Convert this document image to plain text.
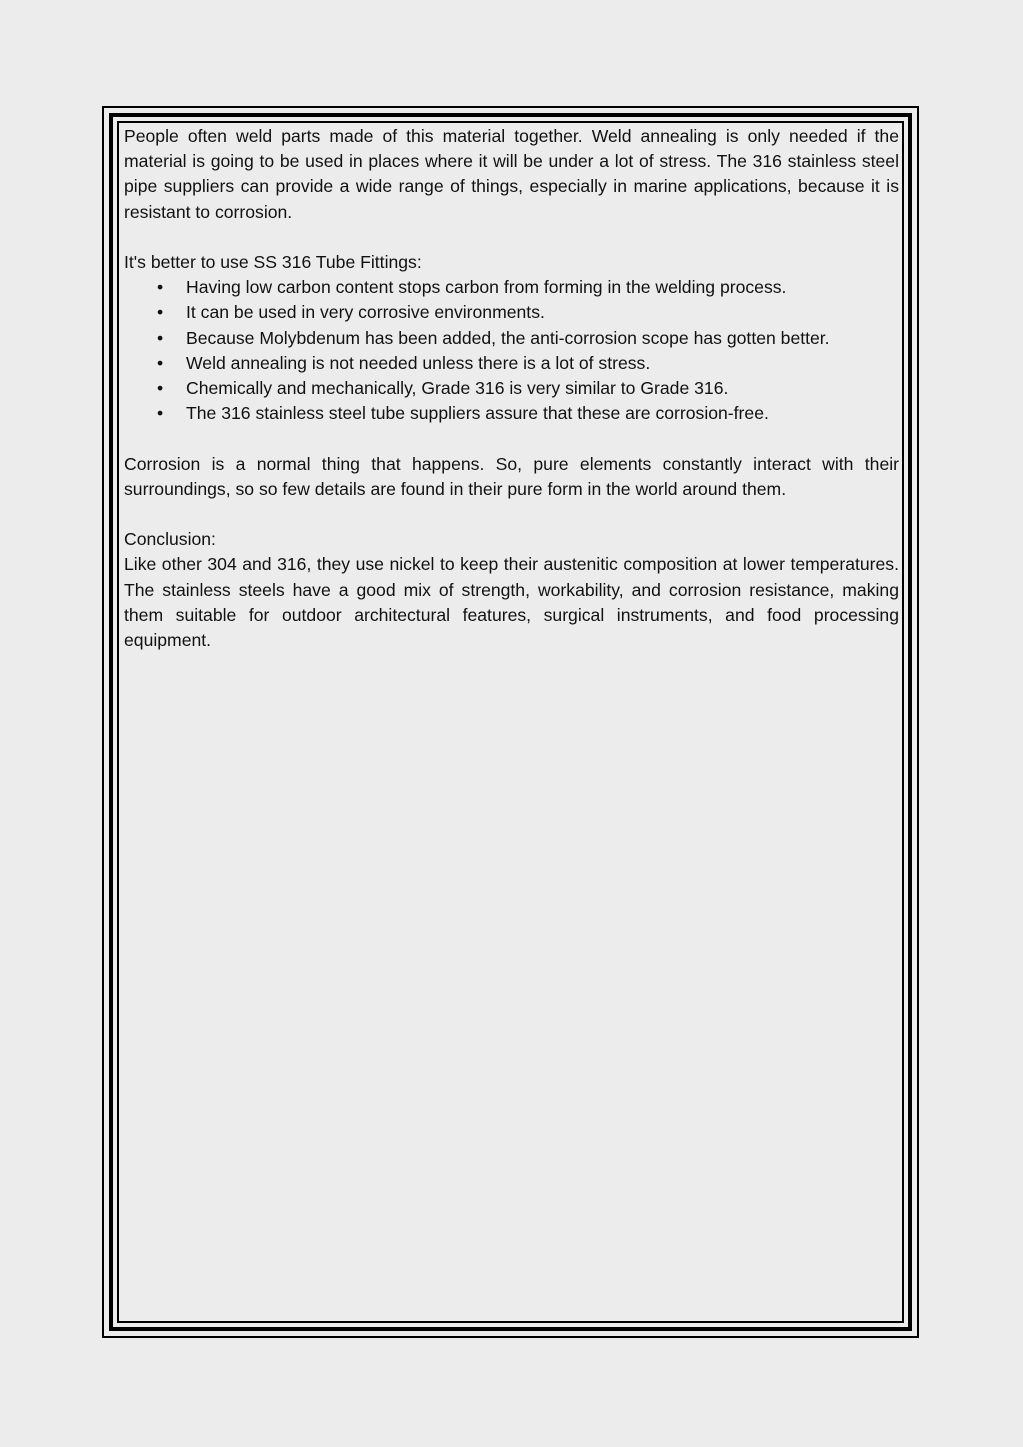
People often weld parts made of this material together. Weld annealing is only needed if the material is going to be used in places where it will be under a lot of stress. The 316 stainless steel pipe suppliers can provide a wide range of things, especially in marine applications, because it is resistant to corrosion.

It's better to use SS 316 Tube Fittings:

• Having low carbon content stops carbon from forming in the welding process.
• It can be used in very corrosive environments.
• Because Molybdenum has been added, the anti-corrosion scope has gotten better.
• Weld annealing is not needed unless there is a lot of stress.
• Chemically and mechanically, Grade 316 is very similar to Grade 316.
• The 316 stainless steel tube suppliers assure that these are corrosion-free.

Corrosion is a normal thing that happens. So, pure elements constantly interact with their surroundings, so so few details are found in their pure form in the world around them.

Conclusion:

Like other 304 and 316, they use nickel to keep their austenitic composition at lower temperatures. The stainless steels have a good mix of strength, workability, and corrosion resistance, making them suitable for outdoor architectural features, surgical instruments, and food processing equipment.
